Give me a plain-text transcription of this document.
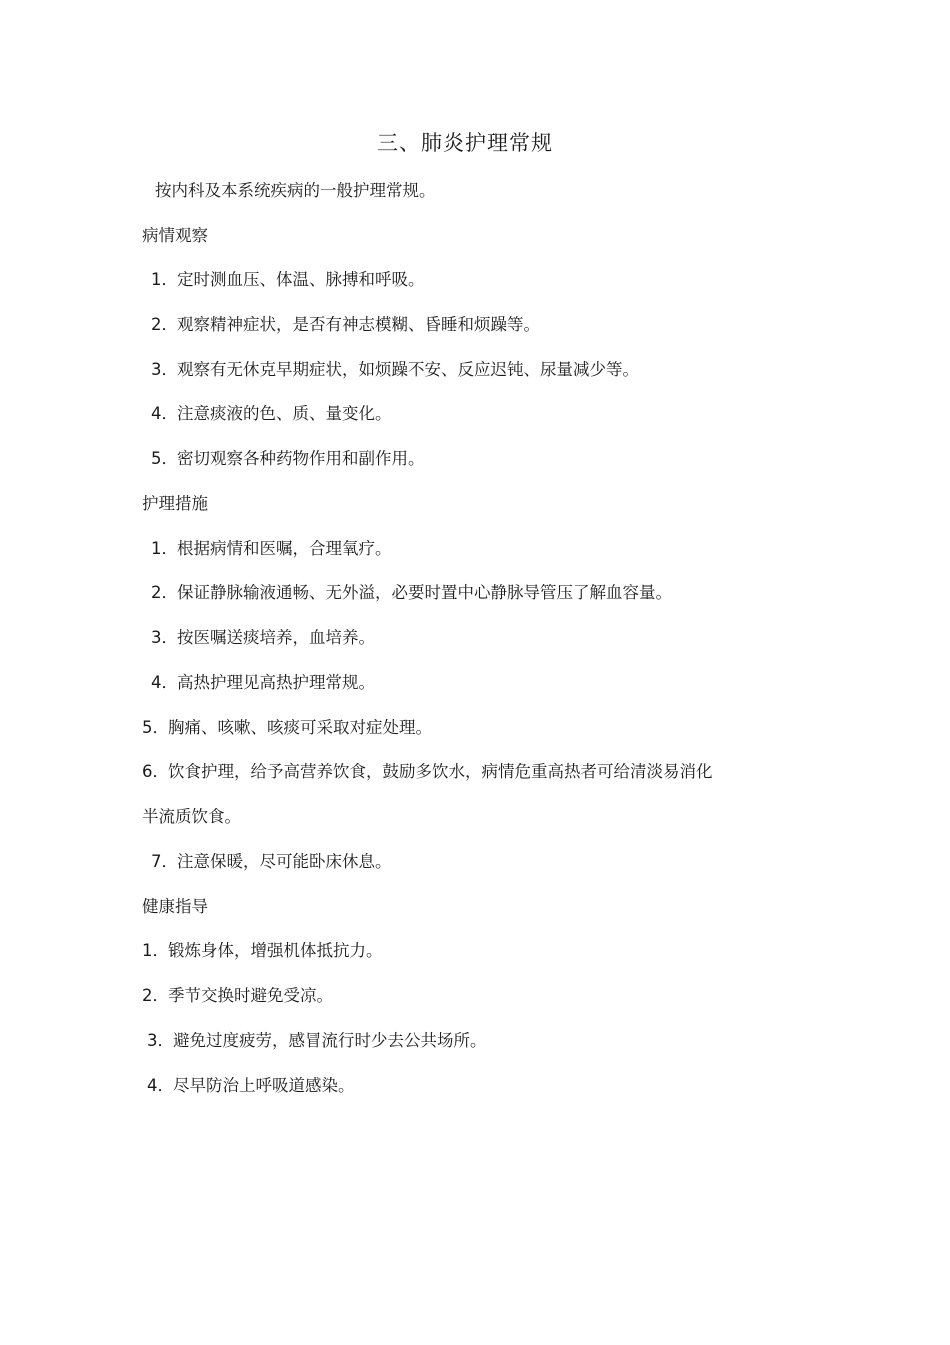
三、肺炎护理常规

按内科及本系统疾病的一般护理常规。

病情观察

1．定时测血压、体温、脉搏和呼吸。

2．观察精神症状，是否有神志模糊、昏睡和烦躁等。

3．观察有无休克早期症状，如烦躁不安、反应迟钝、尿量减少等。

4．注意痰液的色、质、量变化。

5．密切观察各种药物作用和副作用。

护理措施

1．根据病情和医嘱，合理氧疗。

2．保证静脉输液通畅、无外溢，必要时置中心静脉导管压了解血容量。

3．按医嘱送痰培养，血培养。

4．高热护理见高热护理常规。

5．胸痛、咳嗽、咳痰可采取对症处理。

6．饮食护理，给予高营养饮食，鼓励多饮水，病情危重高热者可给清淡易消化

半流质饮食。

7．注意保暖，尽可能卧床休息。

健康指导

1．锻炼身体，增强机体抵抗力。

2．季节交换时避免受凉。

3．避免过度疲劳，感冒流行时少去公共场所。

4．尽早防治上呼吸道感染。
